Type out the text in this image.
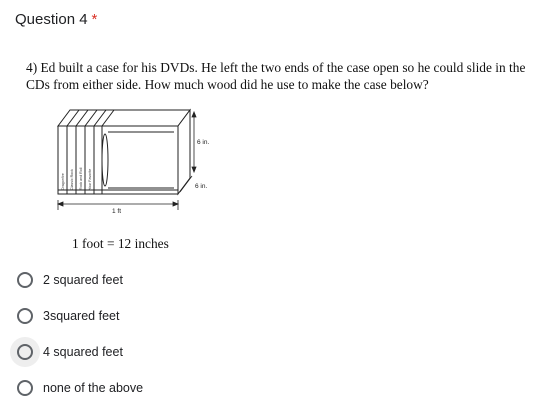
Question 4 *
4) Ed built a case for his DVDs. He left the two ends of the case open so he could slide in the CDs from either side. How much wood did he use to make the case below?
Dragonfire Classic Rock Rock and Roll Your Favorite
6 in.
6 in.
1 ft
1 foot = 12 inches
2 squared feet
3squared feet
4 squared feet
none of the above
